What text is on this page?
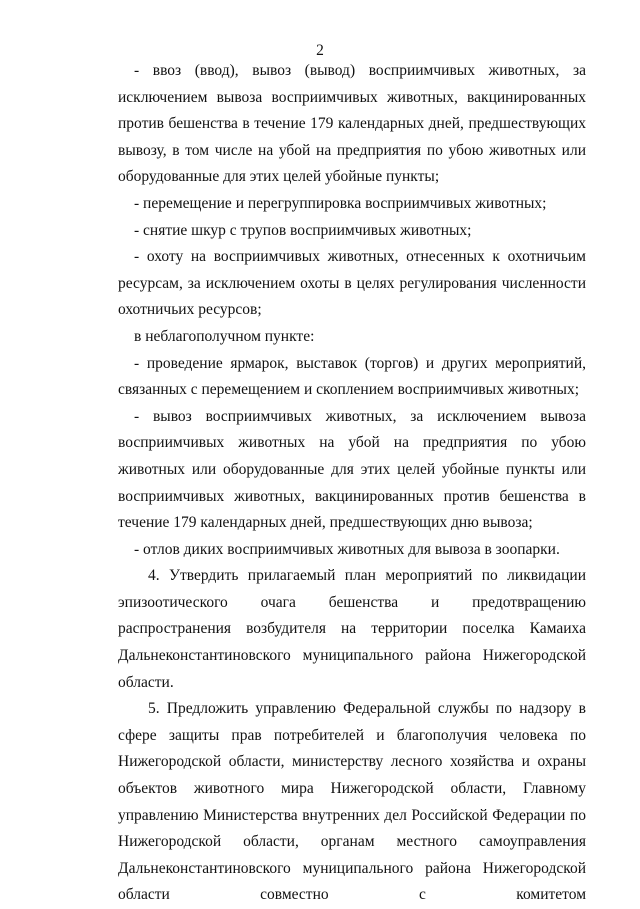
2

- ввоз (ввод), вывоз (вывод) восприимчивых животных, за исключением вывоза восприимчивых животных, вакцинированных против бешенства в течение 179 календарных дней, предшествующих вывозу, в том числе на убой на предприятия по убою животных или оборудованные для этих целей убойные пункты;

- перемещение и перегруппировка восприимчивых животных;

- снятие шкур с трупов восприимчивых животных;

- охоту на восприимчивых животных, отнесенных к охотничьим ресурсам, за исключением охоты в целях регулирования численности охотничьих ресурсов;

в неблагополучном пункте:

- проведение ярмарок, выставок (торгов) и других мероприятий, связанных с перемещением и скоплением восприимчивых животных;

- вывоз восприимчивых животных, за исключением вывоза восприимчивых животных на убой на предприятия по убою животных или оборудованные для этих целей убойные пункты или восприимчивых животных, вакцинированных против бешенства в течение 179 календарных дней, предшествующих дню вывоза;

- отлов диких восприимчивых животных для вывоза в зоопарки.

4. Утвердить прилагаемый план мероприятий по ликвидации эпизоотического очага бешенства и предотвращению распространения возбудителя на территории поселка Камаиха Дальнеконстантиновского муниципального района Нижегородской области.

5. Предложить управлению Федеральной службы по надзору в сфере защиты прав потребителей и благополучия человека по Нижегородской области, министерству лесного хозяйства и охраны объектов животного мира Нижегородской области, Главному управлению Министерства внутренних дел Российской Федерации по Нижегородской области, органам местного самоуправления Дальнеконстантиновского муниципального района Нижегородской области совместно с комитетом
